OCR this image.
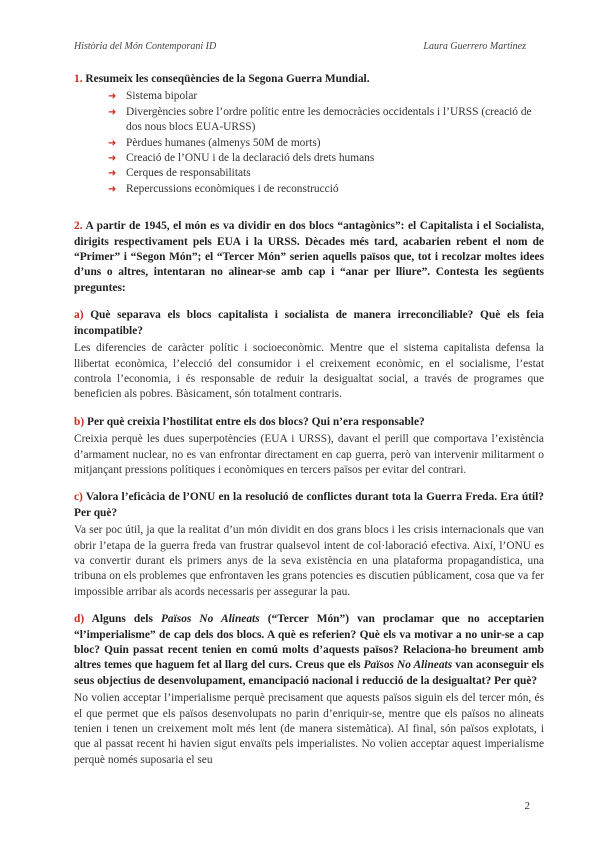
Història del Món Contemporani ID	Laura Guerrero Martinez

1. Resumeix les conseqüències de la Segona Guerra Mundial.

➜ Sistema bipolar
➜ Divergències sobre l’ordre polític entre les democràcies occidentals i l’URSS (creació de dos nous blocs EUA-URSS)
➜ Pèrdues humanes (almenys 50M de morts)
➜ Creació de l’ONU i de la declaració dels drets humans
➜ Cerques de responsabilitats
➜ Repercussions econòmiques i de reconstrucció

2. A partir de 1945, el món es va dividir en dos blocs “antagònics”: el Capitalista i el Socialista, dirigits respectivament pels EUA i la URSS. Dècades més tard, acabarien rebent el nom de “Primer” i “Segon Món”; el “Tercer Món” serien aquells països que, tot i recolzar moltes idees d’uns o altres, intentaran no alinear-se amb cap i “anar per lliure”. Contesta les següents preguntes:

a) Què separava els blocs capitalista i socialista de manera irreconciliable? Què els feia incompatible?

Les diferencies de caràcter polític i socioeconòmic. Mentre que el sistema capitalista defensa la llibertat econòmica, l’elecció del consumidor i el creixement econòmic, en el socialisme, l’estat controla l’economia, i és responsable de reduir la desigualtat social, a través de programes que beneficien als pobres. Bàsicament, són totalment contraris.

b) Per què creixia l’hostilitat entre els dos blocs? Qui n’era responsable?

Creixia perquè les dues superpotències (EUA i URSS), davant el perill que comportava l’existència d’armament nuclear, no es van enfrontar directament en cap guerra, però van intervenir militarment o mitjançant pressions polítiques i econòmiques en tercers països per evitar del contrari.

c) Valora l’eficàcia de l’ONU en la resolució de conflictes durant tota la Guerra Freda. Era útil? Per què?

Va ser poc útil, ja que la realitat d’un món dividit en dos grans blocs i les crisis internacionals que van obrir l’etapa de la guerra freda van frustrar qualsevol intent de col·laboració efectiva. Així, l’ONU es va convertir durant els primers anys de la seva existència en una plataforma propagandística, una tribuna on els problemes que enfrontaven les grans potencies es discutien públicament, cosa que va fer impossible arribar als acords necessaris per assegurar la pau.

d) Alguns dels Països No Alineats (“Tercer Món”) van proclamar que no acceptarien “l’imperialisme” de cap dels dos blocs. A què es referien? Què els va motivar a no unir-se a cap bloc? Quin passat recent tenien en comú molts d’aquests països? Relaciona-ho breument amb altres temes que haguem fet al llarg del curs. Creus que els Països No Alineats van aconseguir els seus objectius de desenvolupament, emancipació nacional i reducció de la desigualtat? Per què?

No volien acceptar l’imperialisme perquè precisament que aquests països siguin els del tercer món, és el que permet que els països desenvolupats no parin d’enriquir-se, mentre que els països no alineats tenien i tenen un creixement molt més lent (de manera sistemàtica). Al final, són països explotats, i que al passat recent hi havien sigut envaïts pels imperialistes. No volien acceptar aquest imperialisme perquè només suposaria el seu

2
